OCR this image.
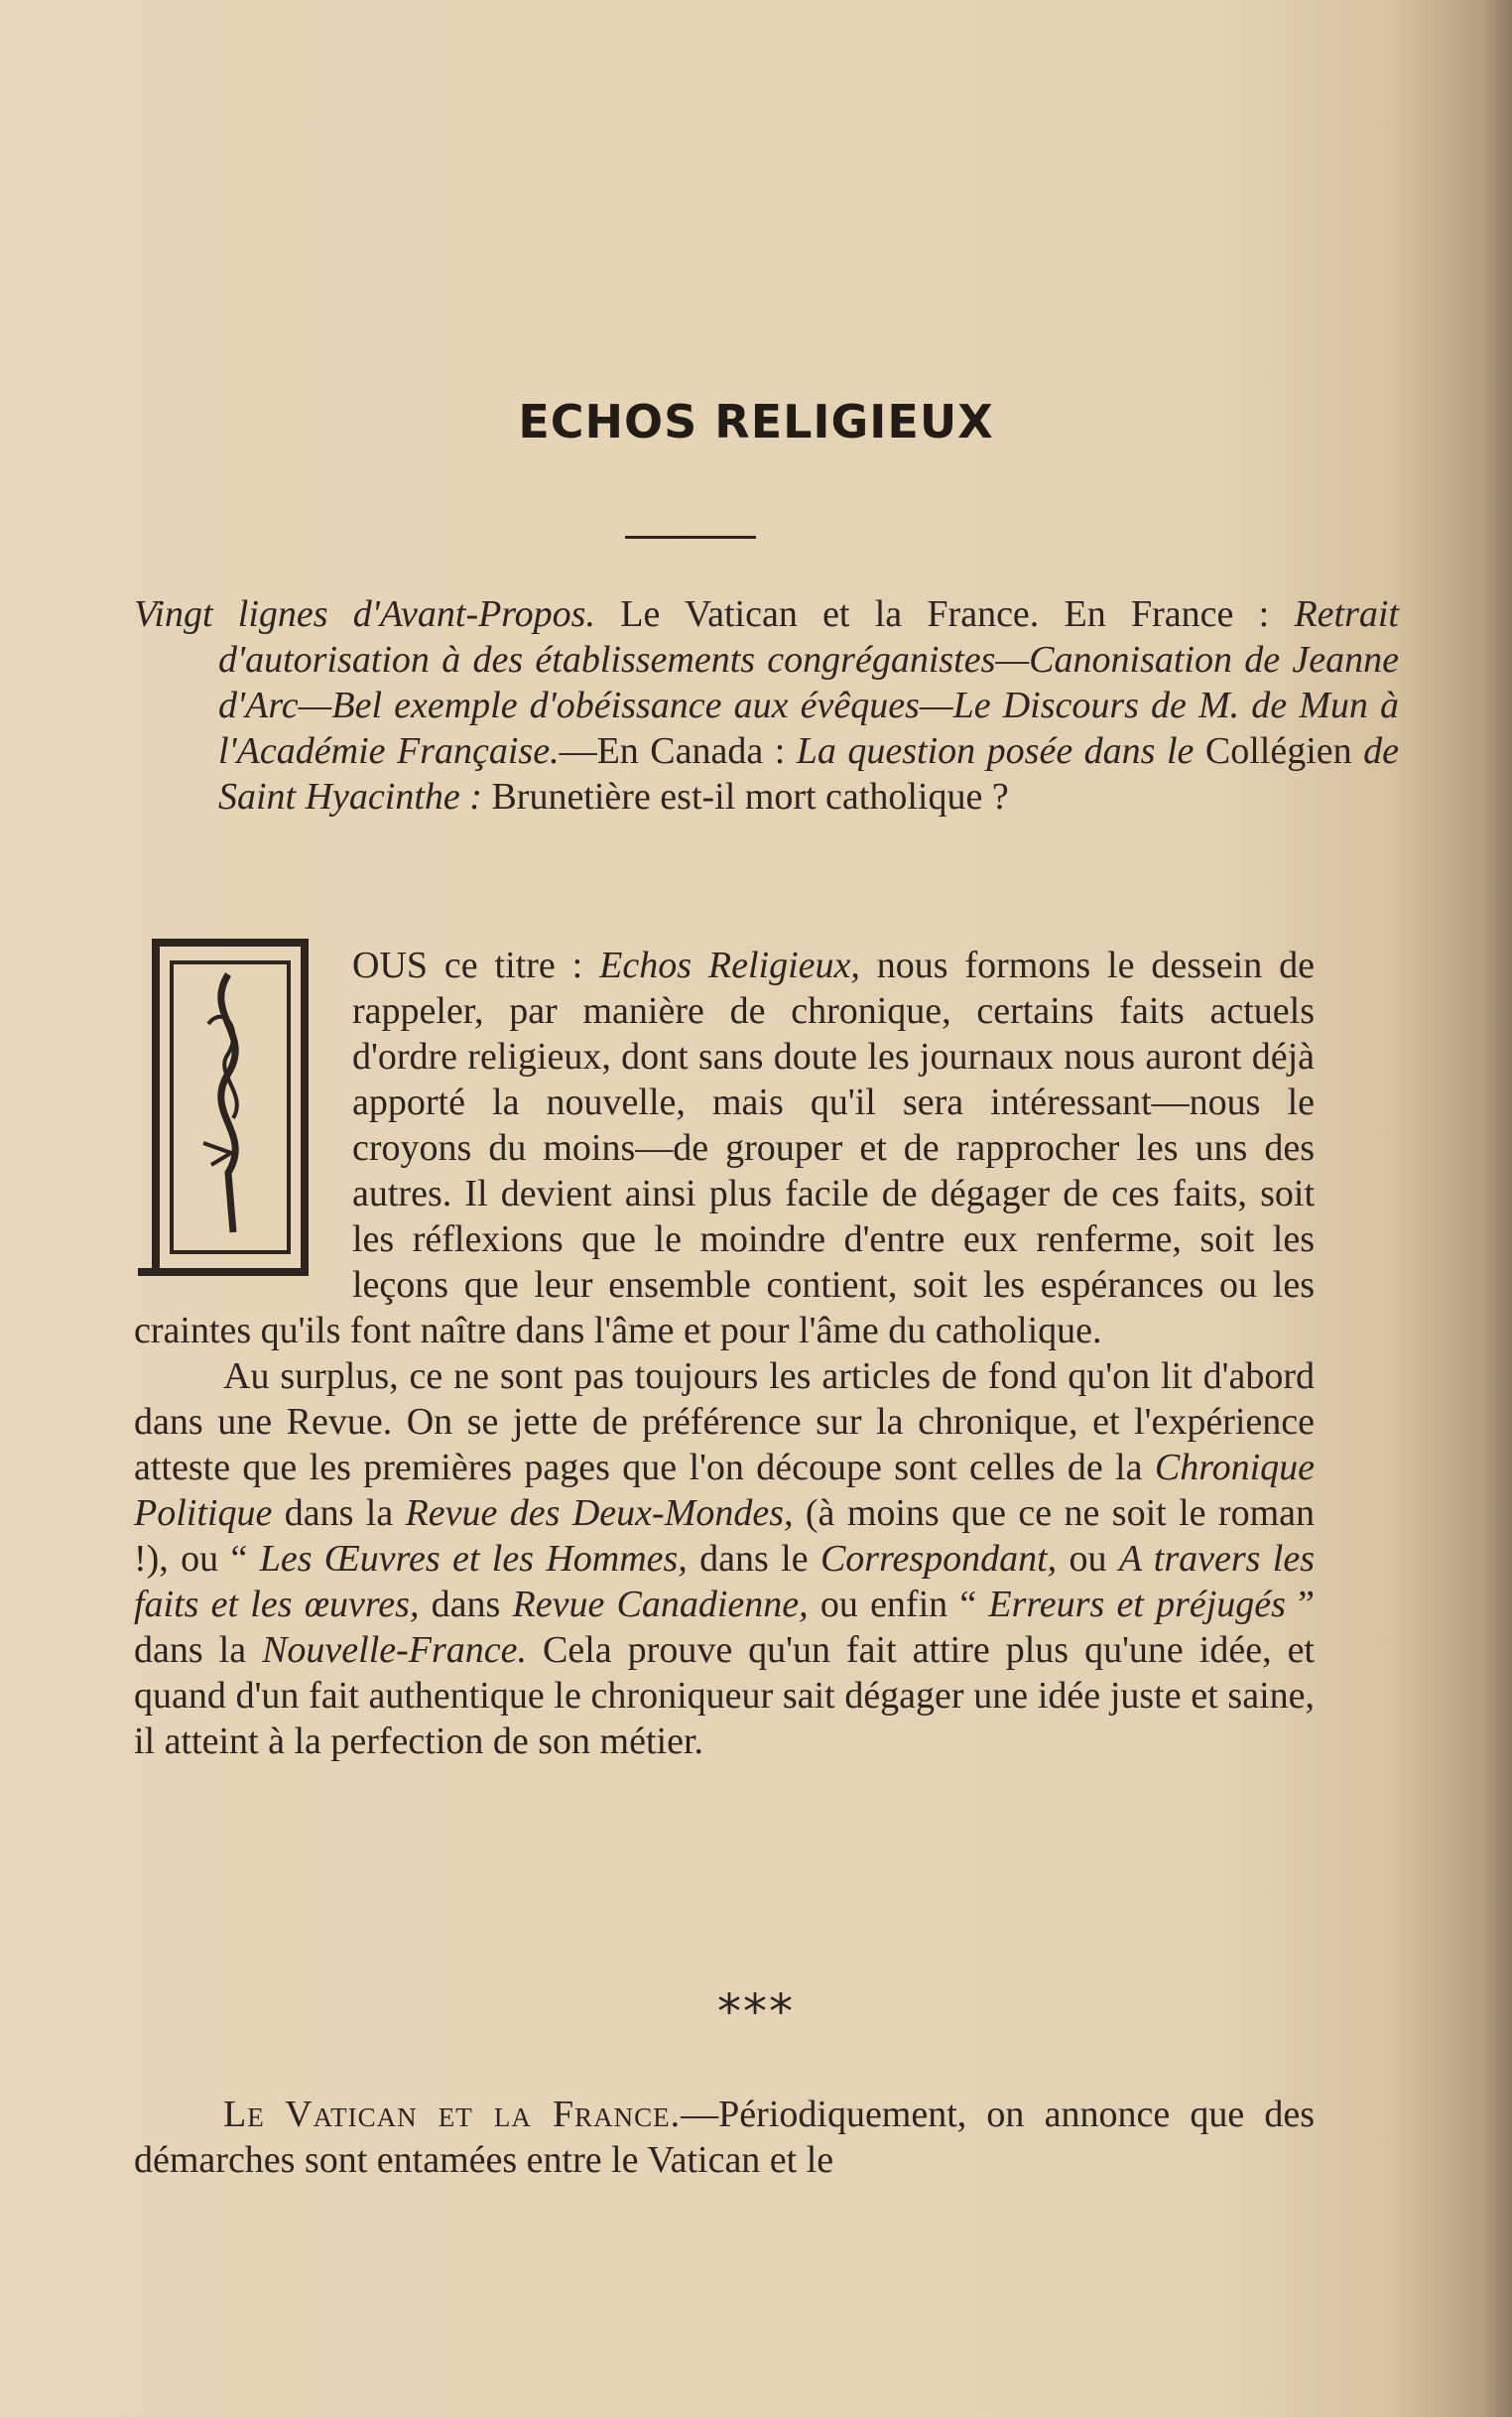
ECHOS RELIGIEUX
Vingt lignes d'Avant-Propos. Le Vatican et la France. En France : Retrait d'autorisation à des établissements congréganistes—Canonisation de Jeanne d'Arc—Bel exemple d'obéissance aux évêques—Le Discours de M. de Mun à l'Académie Française.—En Canada : La question posée dans le Collégien de Saint Hyacinthe : Brunetière est-il mort catholique ?

OUS ce titre : Echos Religieux, nous formons le dessein de rappeler, par manière de chronique, certains faits actuels d'ordre religieux, dont sans doute les journaux nous auront déjà apporté la nouvelle, mais qu'il sera intéressant—nous le croyons du moins—de grouper et de rapprocher les uns des autres. Il devient ainsi plus facile de dégager de ces faits, soit les réflexions que le moindre d'entre eux renferme, soit les leçons que leur ensemble contient, soit les espérances ou les craintes qu'ils font naître dans l'âme et pour l'âme du catholique.

Au surplus, ce ne sont pas toujours les articles de fond qu'on lit d'abord dans une Revue. On se jette de préférence sur la chronique, et l'expérience atteste que les premières pages que l'on découpe sont celles de la Chronique Politique dans la Revue des Deux-Mondes, (à moins que ce ne soit le roman !), ou “ Les Œuvres et les Hommes, dans le Correspondant, ou A travers les faits et les œuvres, dans Revue Canadienne, ou enfin “ Erreurs et préjugés ” dans la Nouvelle-France. Cela prouve qu'un fait attire plus qu'une idée, et quand d'un fait authentique le chroniqueur sait dégager une idée juste et saine, il atteint à la perfection de son métier.

***
Le Vatican et la France.—Périodiquement, on annonce que des démarches sont entamées entre le Vatican et le
